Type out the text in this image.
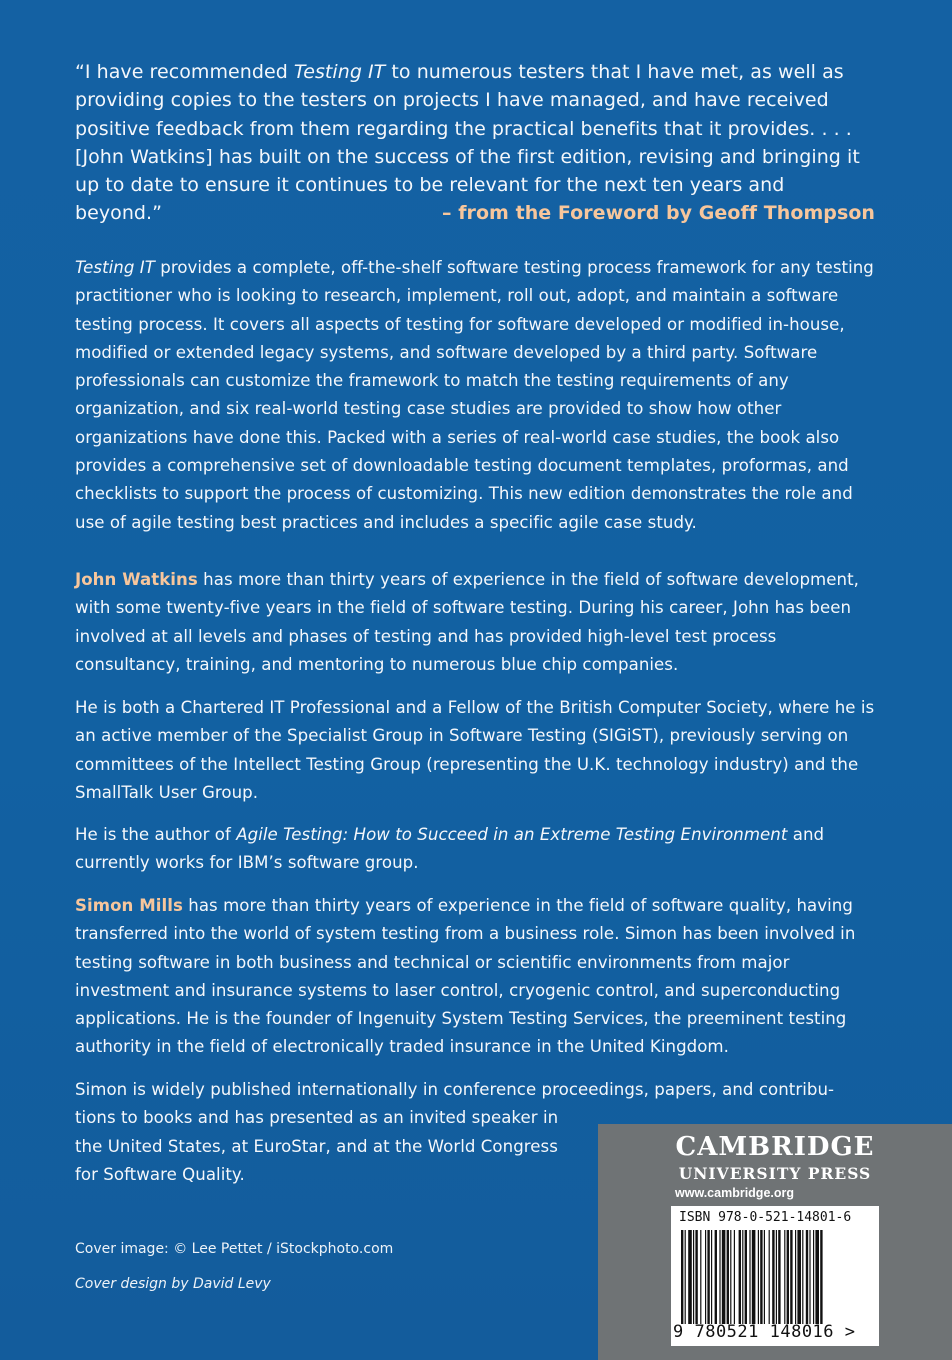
“I have recommended Testing IT to numerous testers that I have met, as well as providing copies to the testers on projects I have managed, and have received positive feedback from them regarding the practical benefits that it provides. . . . [John Watkins] has built on the success of the first edition, revising and bringing it up to date to ensure it continues to be relevant for the next ten years and beyond.”	– from the Foreword by Geoff Thompson
Testing IT provides a complete, off-the-shelf software testing process framework for any testing practitioner who is looking to research, implement, roll out, adopt, and maintain a software testing process. It covers all aspects of testing for software developed or modified in-house, modified or extended legacy systems, and software developed by a third party. Software professionals can customize the framework to match the testing requirements of any organization, and six real-world testing case studies are provided to show how other organizations have done this. Packed with a series of real-world case studies, the book also provides a comprehensive set of downloadable testing document templates, proformas, and checklists to support the process of customizing. This new edition demonstrates the role and use of agile testing best practices and includes a specific agile case study.
John Watkins has more than thirty years of experience in the field of software development, with some twenty-five years in the field of software testing. During his career, John has been involved at all levels and phases of testing and has provided high-level test process consultancy, training, and mentoring to numerous blue chip companies.
He is both a Chartered IT Professional and a Fellow of the British Computer Society, where he is an active member of the Specialist Group in Software Testing (SIGiST), previously serving on committees of the Intellect Testing Group (representing the U.K. technology industry) and the SmallTalk User Group.
He is the author of Agile Testing: How to Succeed in an Extreme Testing Environment and currently works for IBM’s software group.
Simon Mills has more than thirty years of experience in the field of software quality, having transferred into the world of system testing from a business role. Simon has been involved in testing software in both business and technical or scientific environments from major investment and insurance systems to laser control, cryogenic control, and superconducting applications. He is the founder of Ingenuity System Testing Services, the preeminent testing authority in the field of electronically traded insurance in the United Kingdom.
Simon is widely published internationally in conference proceedings, papers, and contribu-
tions to books and has presented as an invited speaker in
the United States, at EuroStar, and at the World Congress
for Software Quality.
Cover image: © Lee Pettet / iStockphoto.com
Cover design by David Levy
CAMBRIDGE
UNIVERSITY PRESS
www.cambridge.org
ISBN 978-0-521-14801-6
9 780521 148016 >
